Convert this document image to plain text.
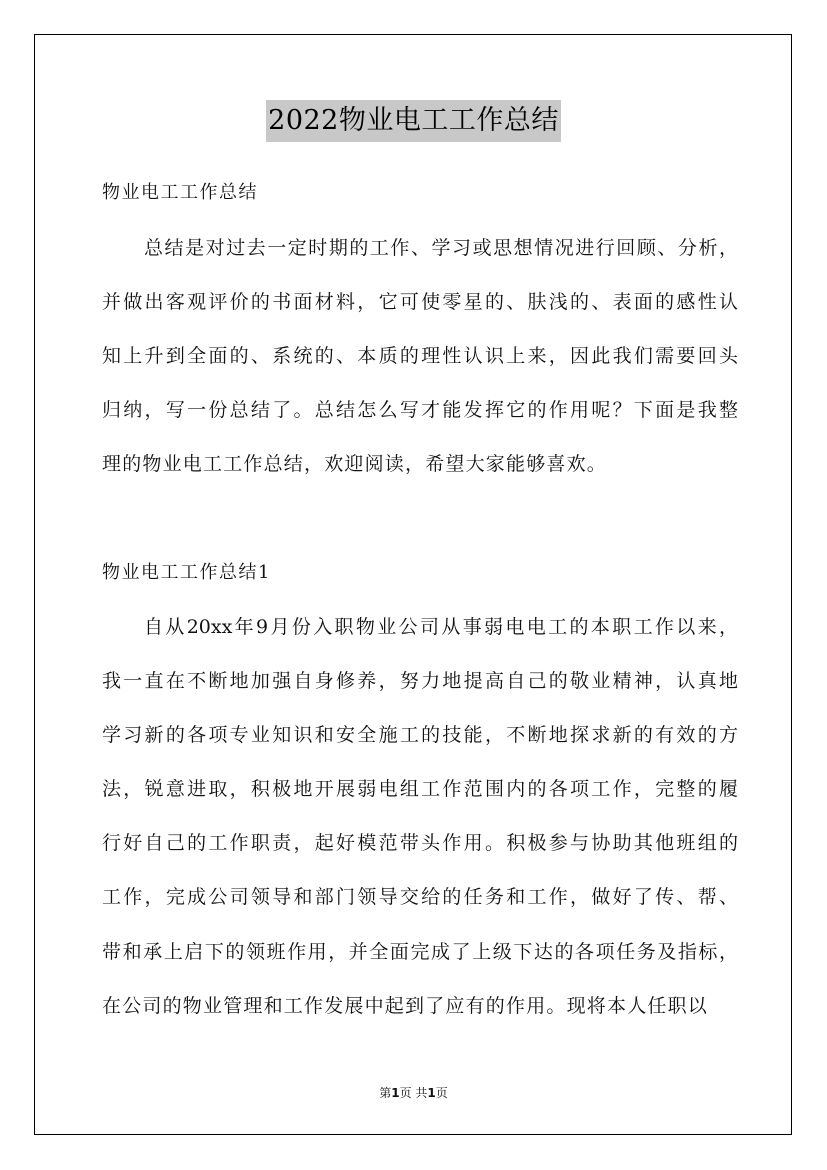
2022物业电工工作总结
物业电工工作总结
总结是对过去一定时期的工作、学习或思想情况进行回顾、分析，
并做出客观评价的书面材料，它可使零星的、肤浅的、表面的感性认
知上升到全面的、系统的、本质的理性认识上来，因此我们需要回头
归纳，写一份总结了。总结怎么写才能发挥它的作用呢？下面是我整
理的物业电工工作总结，欢迎阅读，希望大家能够喜欢。
物业电工工作总结1
自从20xx年9月份入职物业公司从事弱电电工的本职工作以来，
我一直在不断地加强自身修养，努力地提高自己的敬业精神，认真地
学习新的各项专业知识和安全施工的技能，不断地探求新的有效的方
法，锐意进取，积极地开展弱电组工作范围内的各项工作，完整的履
行好自己的工作职责，起好模范带头作用。积极参与协助其他班组的
工作，完成公司领导和部门领导交给的任务和工作，做好了传、帮、
带和承上启下的领班作用，并全面完成了上级下达的各项任务及指标，
在公司的物业管理和工作发展中起到了应有的作用。现将本人任职以
第1页 共1页
